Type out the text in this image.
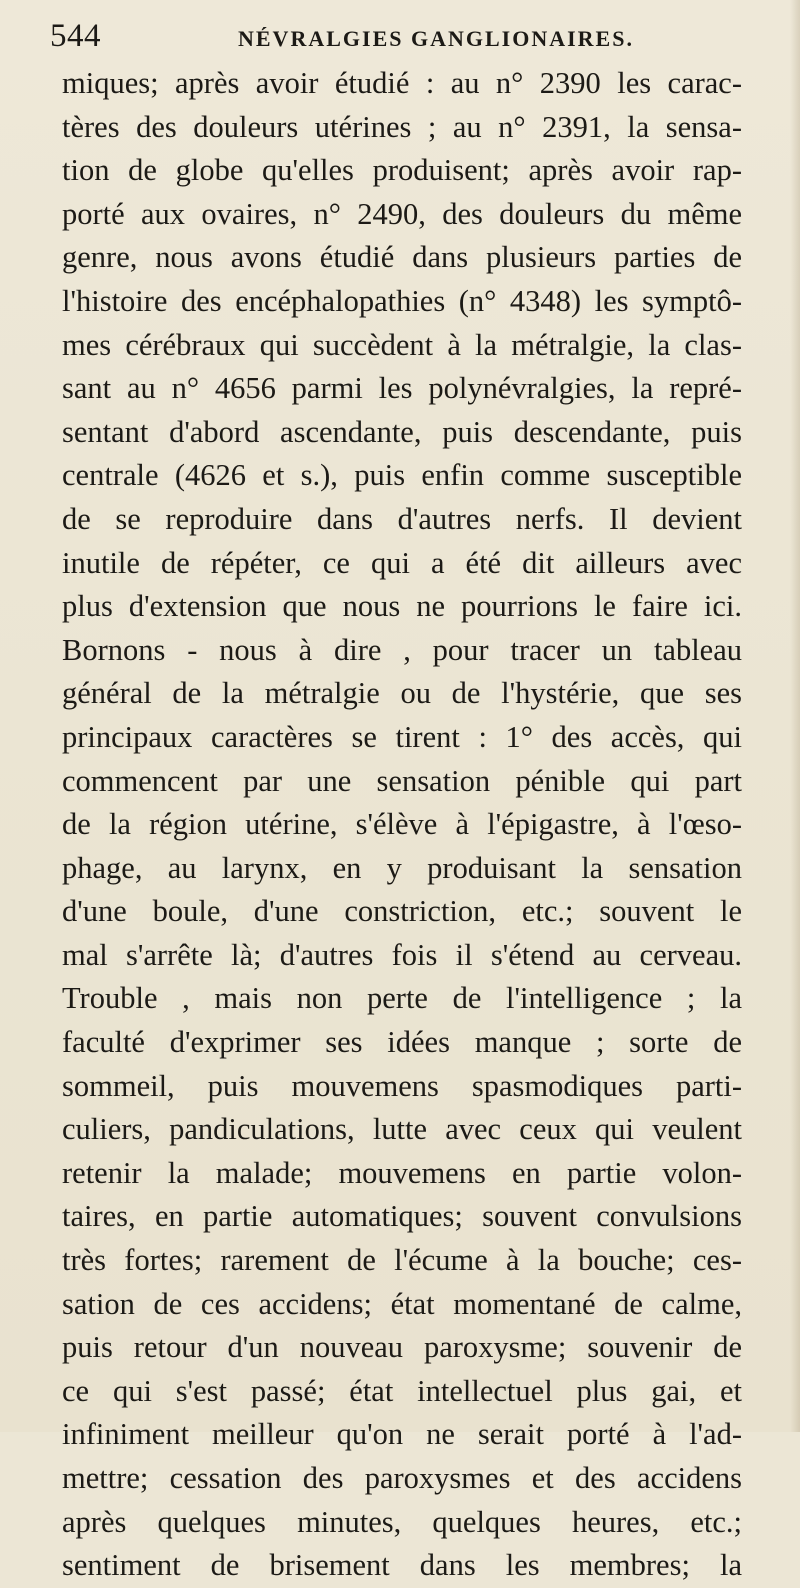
544	NÉVRALGIES GANGLIONAIRES.
miques; après avoir étudié : au n° 2390 les carac-
tères des douleurs utérines ; au n° 2391, la sensa-
tion de globe qu'elles produisent; après avoir rap-
porté aux ovaires, n° 2490, des douleurs du même
genre, nous avons étudié dans plusieurs parties de
l'histoire des encéphalopathies (n° 4348) les symptô-
mes cérébraux qui succèdent à la métralgie, la clas-
sant au n° 4656 parmi les polynévralgies, la repré-
sentant d'abord ascendante, puis descendante, puis
centrale (4626 et s.), puis enfin comme susceptible
de se reproduire dans d'autres nerfs. Il devient
inutile de répéter, ce qui a été dit ailleurs avec
plus d'extension que nous ne pourrions le faire ici.
Bornons - nous à dire , pour tracer un tableau
général de la métralgie ou de l'hystérie, que ses
principaux caractères se tirent : 1° des accès, qui
commencent par une sensation pénible qui part
de la région utérine, s'élève à l'épigastre, à l'œso-
phage, au larynx, en y produisant la sensation
d'une boule, d'une constriction, etc.; souvent le
mal s'arrête là; d'autres fois il s'étend au cerveau.
Trouble , mais non perte de l'intelligence ; la
faculté d'exprimer ses idées manque ; sorte de
sommeil, puis mouvemens spasmodiques parti-
culiers, pandiculations, lutte avec ceux qui veulent
retenir la malade; mouvemens en partie volon-
taires, en partie automatiques; souvent convulsions
très fortes; rarement de l'écume à la bouche; ces-
sation de ces accidens; état momentané de calme,
puis retour d'un nouveau paroxysme; souvenir de
ce qui s'est passé; état intellectuel plus gai, et
infiniment meilleur qu'on ne serait porté à l'ad-
mettre; cessation des paroxysmes et des accidens
après quelques minutes, quelques heures, etc.;
sentiment de brisement dans les membres; la
